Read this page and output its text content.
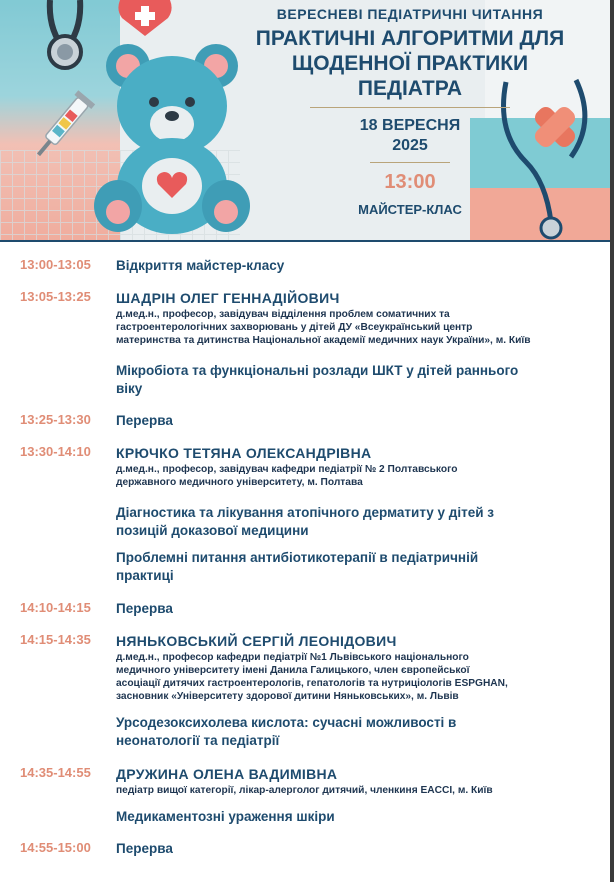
ВЕРЕСНЕВІ ПЕДІАТРИЧНІ ЧИТАННЯ
ПРАКТИЧНІ АЛГОРИТМИ ДЛЯ
ЩОДЕННОЇ ПРАКТИКИ
ПЕДІАТРА
18 ВЕРЕСНЯ
2025
13:00
МАЙСТЕР-КЛАС
13:00-13:05 Відкриття майстер-класу
13:05-13:25 ШАДРІН ОЛЕГ ГЕННАДІЙОВИЧ
д.мед.н., професор, завідувач відділення проблем соматичних та
гастроентерологічних захворювань у дітей ДУ «Всеукраїнський центр
материнства та дитинства Національної академії медичних наук України», м. Київ
Мікробіота та функціональні розлади ШКТ у дітей раннього
віку
13:25-13:30 Перерва
13:30-14:10 КРЮЧКО ТЕТЯНА ОЛЕКСАНДРІВНА
д.мед.н., професор, завідувач кафедри педіатрії № 2 Полтавського
державного медичного університету, м. Полтава
Діагностика та лікування атопічного дерматиту у дітей з
позицій доказової медицини
Проблемні питання антибіотикотерапії в педіатричній
практиці
14:10-14:15 Перерва
14:15-14:35 НЯНЬКОВСЬКИЙ СЕРГІЙ ЛЕОНІДОВИЧ
д.мед.н., професор кафедри педіатрії №1 Львівського національного
медичного університету імені Данила Галицького, член європейської
асоціації дитячих гастроентерологів, гепатологів та нутриціологів ESPGHAN,
засновник «Університету здорової дитини Няньковських», м. Львів
Урсодезоксихолева кислота: сучасні можливості в
неонатології та педіатрії
14:35-14:55 ДРУЖИНА ОЛЕНА ВАДИМІВНА
педіатр вищої категорії, лікар-алерголог дитячий, членкиня EACCI, м. Київ
Медикаментозні ураження шкіри
14:55-15:00 Перерва
